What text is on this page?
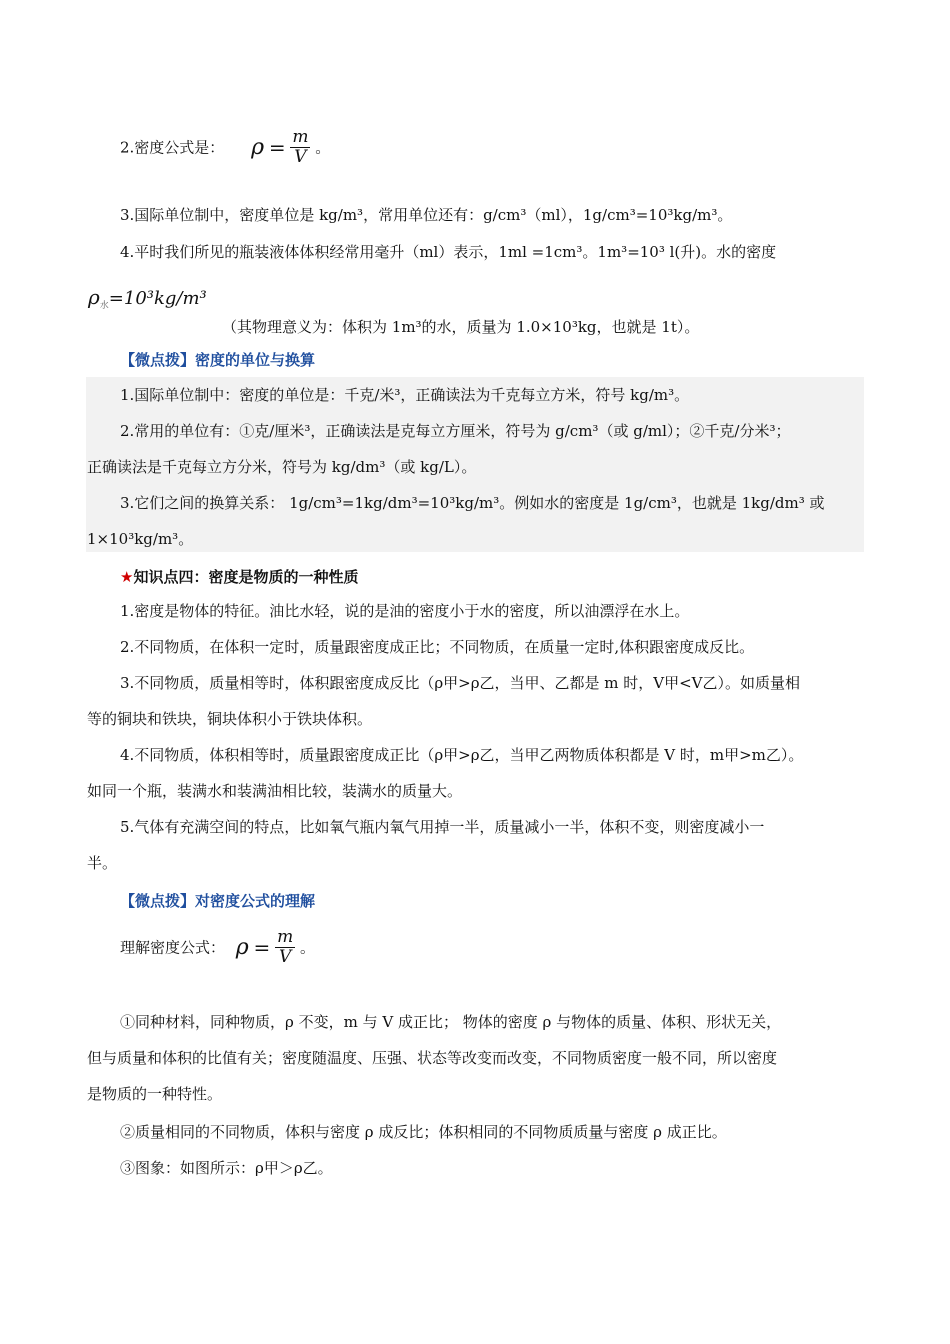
2.密度公式是： $\rho = \frac{m}{V}$ 。
3.国际单位制中，密度单位是 kg/m³，常用单位还有：g/cm³（ml），1g/cm³=10³kg/m³。
4.平时我们所见的瓶装液体体积经常用毫升（ml）表示，1ml =1cm³。1m³=10³ l(升)。水的密度
$\rho_水=10^3kg/m^3$
（其物理意义为：体积为 1m³的水，质量为 1.0×10³kg，也就是 1t）。
【微点拨】密度的单位与换算
1.国际单位制中：密度的单位是：千克/米³，正确读法为千克每立方米，符号 kg/m³。
2.常用的单位有：①克/厘米³，正确读法是克每立方厘米，符号为 g/cm³（或 g/ml）；②千克/分米³；
正确读法是千克每立方分米，符号为 kg/dm³（或 kg/L）。
3.它们之间的换算关系： 1g/cm³=1kg/dm³=10³kg/m³。例如水的密度是 1g/cm³，也就是 1kg/dm³ 或
1×10³kg/m³。
★知识点四：密度是物质的一种性质
1.密度是物体的特征。油比水轻，说的是油的密度小于水的密度，所以油漂浮在水上。
2.不同物质，在体积一定时，质量跟密度成正比；不同物质，在质量一定时,体积跟密度成反比。
3.不同物质，质量相等时，体积跟密度成反比（ρ甲>ρ乙，当甲、乙都是 m 时，V甲<V乙）。如质量相
等的铜块和铁块，铜块体积小于铁块体积。
4.不同物质，体积相等时，质量跟密度成正比（ρ甲>ρ乙，当甲乙两物质体积都是 V 时，m甲>m乙）。
如同一个瓶，装满水和装满油相比较，装满水的质量大。
5.气体有充满空间的特点，比如氧气瓶内氧气用掉一半，质量减小一半，体积不变，则密度减小一
半。
【微点拨】对密度公式的理解
理解密度公式： $\rho = \frac{m}{V}$ 。
①同种材料，同种物质，ρ 不变，m 与 V 成正比； 物体的密度 ρ 与物体的质量、体积、形状无关，
但与质量和体积的比值有关；密度随温度、压强、状态等改变而改变，不同物质密度一般不同，所以密度
是物质的一种特性。
②质量相同的不同物质，体积与密度 ρ 成反比；体积相同的不同物质质量与密度 ρ 成正比。
③图象：如图所示：ρ甲＞ρ乙。
